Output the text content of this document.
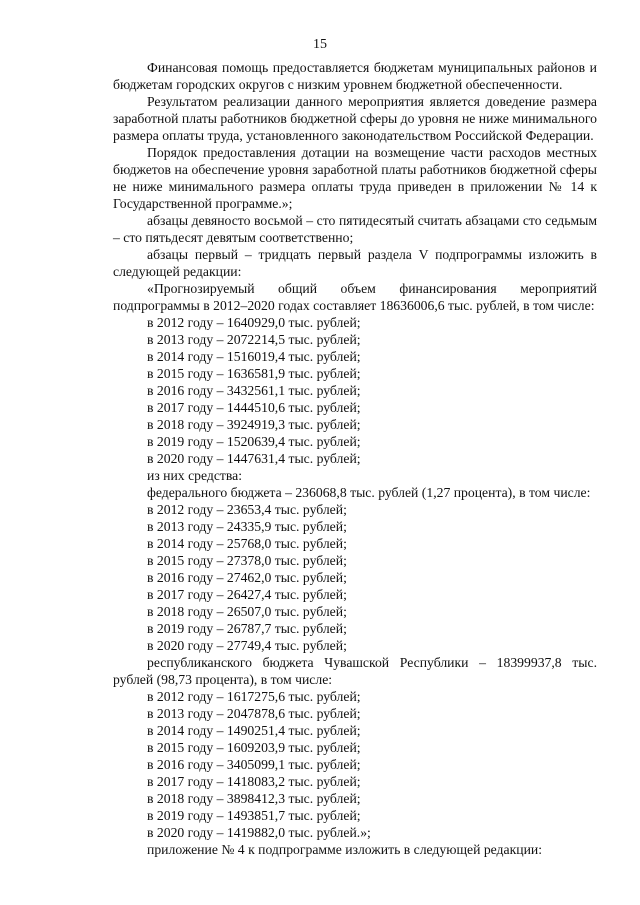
15

Финансовая помощь предоставляется бюджетам муниципальных районов и бюджетам городских округов с низким уровнем бюджетной обеспеченности.

Результатом реализации данного мероприятия является доведение размера заработной платы работников бюджетной сферы до уровня не ниже минимального размера оплаты труда, установленного законодательством Российской Федерации.

Порядок предоставления дотации на возмещение части расходов местных бюджетов на обеспечение уровня заработной платы работников бюджетной сферы не ниже минимального размера оплаты труда приведен в приложении № 14 к Государственной программе.»;

абзацы девяносто восьмой – сто пятидесятый считать абзацами сто седьмым – сто пятьдесят девятым соответственно;

абзацы первый – тридцать первый раздела V подпрограммы изложить в следующей редакции:

«Прогнозируемый общий объем финансирования мероприятий подпрограммы в 2012–2020 годах составляет 18636006,6 тыс. рублей, в том числе:

в 2012 году – 1640929,0 тыс. рублей;

в 2013 году – 2072214,5 тыс. рублей;

в 2014 году – 1516019,4 тыс. рублей;

в 2015 году – 1636581,9 тыс. рублей;

в 2016 году – 3432561,1 тыс. рублей;

в 2017 году – 1444510,6 тыс. рублей;

в 2018 году – 3924919,3 тыс. рублей;

в 2019 году – 1520639,4 тыс. рублей;

в 2020 году – 1447631,4 тыс. рублей;

из них средства:

федерального бюджета – 236068,8 тыс. рублей (1,27 процента), в том числе:

в 2012 году – 23653,4 тыс. рублей;

в 2013 году – 24335,9 тыс. рублей;

в 2014 году – 25768,0 тыс. рублей;

в 2015 году – 27378,0 тыс. рублей;

в 2016 году – 27462,0 тыс. рублей;

в 2017 году – 26427,4 тыс. рублей;

в 2018 году – 26507,0 тыс. рублей;

в 2019 году – 26787,7 тыс. рублей;

в 2020 году – 27749,4 тыс. рублей;

республиканского бюджета Чувашской Республики – 18399937,8 тыс. рублей (98,73 процента), в том числе:

в 2012 году – 1617275,6 тыс. рублей;

в 2013 году – 2047878,6 тыс. рублей;

в 2014 году – 1490251,4 тыс. рублей;

в 2015 году – 1609203,9 тыс. рублей;

в 2016 году – 3405099,1 тыс. рублей;

в 2017 году – 1418083,2 тыс. рублей;

в 2018 году – 3898412,3 тыс. рублей;

в 2019 году – 1493851,7 тыс. рублей;

в 2020 году – 1419882,0 тыс. рублей.»;

приложение № 4 к подпрограмме изложить в следующей редакции:
